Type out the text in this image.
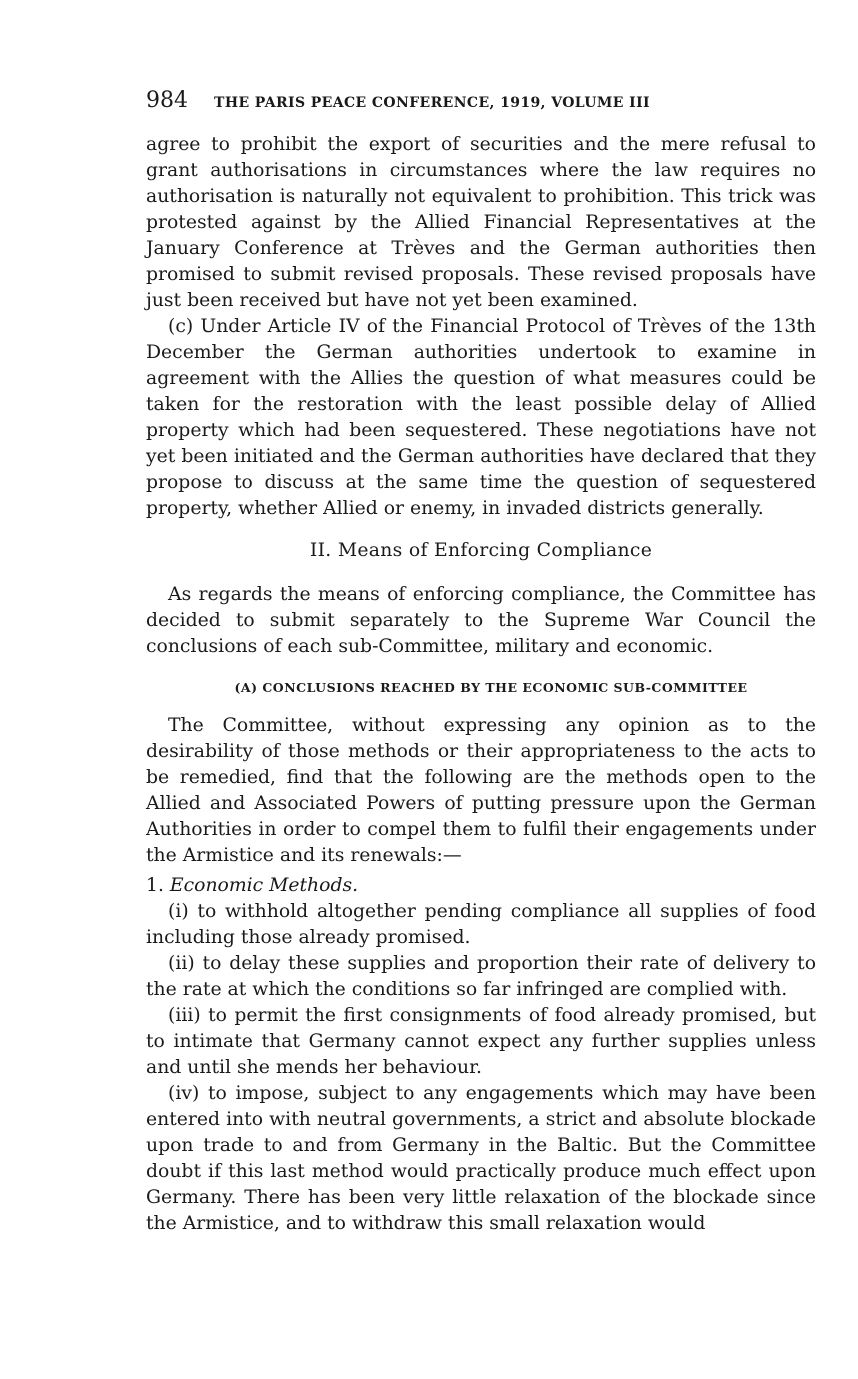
984 THE PARIS PEACE CONFERENCE, 1919, VOLUME III

agree to prohibit the export of securities and the mere refusal to grant authorisations in circumstances where the law requires no authorisation is naturally not equivalent to prohibition. This trick was protested against by the Allied Financial Representatives at the January Conference at Trèves and the German authorities then promised to submit revised proposals. These revised proposals have just been received but have not yet been examined.

(c) Under Article IV of the Financial Protocol of Trèves of the 13th December the German authorities undertook to examine in agreement with the Allies the question of what measures could be taken for the restoration with the least possible delay of Allied property which had been sequestered. These negotiations have not yet been initiated and the German authorities have declared that they propose to discuss at the same time the question of sequestered property, whether Allied or enemy, in invaded districts generally.

II. Means of Enforcing Compliance

As regards the means of enforcing compliance, the Committee has decided to submit separately to the Supreme War Council the conclusions of each sub-Committee, military and economic.

(A) CONCLUSIONS REACHED BY THE ECONOMIC SUB-COMMITTEE

The Committee, without expressing any opinion as to the desirability of those methods or their appropriateness to the acts to be remedied, find that the following are the methods open to the Allied and Associated Powers of putting pressure upon the German Authorities in order to compel them to fulfil their engagements under the Armistice and its renewals:—

1. Economic Methods.

(i) to withhold altogether pending compliance all supplies of food including those already promised.

(ii) to delay these supplies and proportion their rate of delivery to the rate at which the conditions so far infringed are complied with.

(iii) to permit the first consignments of food already promised, but to intimate that Germany cannot expect any further supplies unless and until she mends her behaviour.

(iv) to impose, subject to any engagements which may have been entered into with neutral governments, a strict and absolute blockade upon trade to and from Germany in the Baltic. But the Committee doubt if this last method would practically produce much effect upon Germany. There has been very little relaxation of the blockade since the Armistice, and to withdraw this small relaxation would
